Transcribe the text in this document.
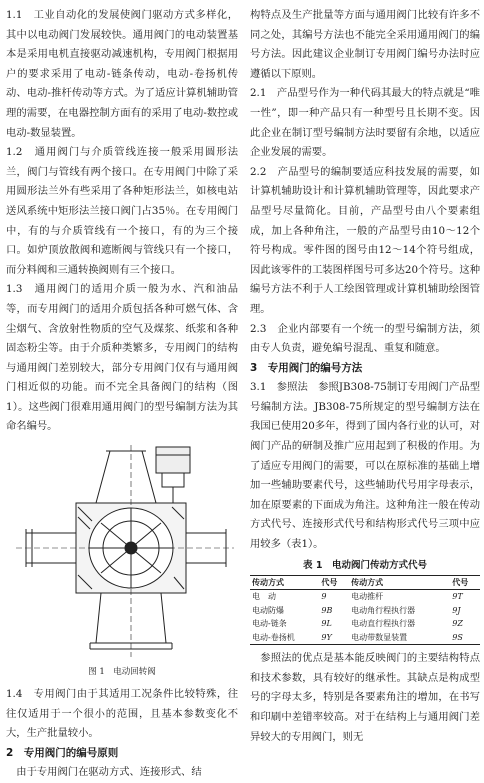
1.1　工业自动化的发展使阀门驱动方式多样化，其中以电动阀门发展较快。通用阀门的电动装置基本是采用电机直接驱动减速机构，专用阀门根据用户的要求采用了电动-链条传动，电动-卷扬机传动、电动-推杆传动等方式。为了适应计算机辅助管理的需要，在电器控制方面有的采用了电动-数控或电动-数显装置。

1.2　通用阀门与介质管线连接一般采用圆形法兰，阀门与管线有两个接口。在专用阀门中除了采用圆形法兰外有些采用了各种矩形法兰，如核电站送风系统中矩形法兰接口阀门占35％。在专用阀门中，有的与介质管线有一个接口，有的为三个接口。如炉顶放散阀和遮断阀与管线只有一个接口，而分料阀和三通转换阀则有三个接口。

1.3　通用阀门的适用介质一般为水、汽和油品等，而专用阀门的适用介质包括各种可燃气体、含尘烟气、含放射性物质的空气及煤浆、纸浆和各种固态粉尘等。由于介质种类繁多，专用阀门的结构与通用阀门差别较大，部分专用阀门仅有与通用阀门相近似的功能。而不完全具备阀门的结构（图1）。这些阀门很难用通用阀门的型号编制方法为其命名编号。

图 1　电动回转阀

1.4　专用阀门由于其适用工况条件比较特殊，往往仅适用于一个很小的范围，且基本参数变化不大，生产批量较小。

2　专用阀门的编号原则

由于专用阀门在驱动方式、连接形式、结

构特点及生产批量等方面与通用阀门比较有许多不同之处，其编号方法也不能完全采用通用阀门的编号方法。因此建议企业制订专用阀门编号办法时应遵循以下原则。

2.1　产品型号作为一种代码其最大的特点就是“唯一性”，即一种产品只有一种型号且长期不变。因此企业在制订型号编制方法时要留有余地，以适应企业发展的需要。

2.2　产品型号的编制要适应科技发展的需要，如计算机辅助设计和计算机辅助管理等，因此要求产品型号尽量简化。目前，产品型号由八个要素组成，加上各种角注，一般的产品型号由10～12个符号构成。零件图的图号由12～14个符号组成，因此该零件的工装图样图号可多达20个符号。这种编号方法不利于人工绘图管理或计算机辅助绘图管理。

2.3　企业内部要有一个统一的型号编制方法，须由专人负责，避免编号混乱、重复和随意。

3　专用阀门的编号方法

3.1　参照法　参照JB308-75制订专用阀门产品型号编制方法。JB308-75所规定的型号编制方法在我国已使用20多年，得到了国内各行业的认可，对阀门产品的研制及推广应用起到了积极的作用。为了适应专用阀门的需要，可以在原标准的基础上增加一些辅助要素代号，这些辅助代号用字母表示，加在原要素的下面成为角注。这种角注一般在传动方式代号、连接形式代号和结构形式代号三项中应用较多（表1）。

表 1　电动阀门传动方式代号

传动方式	代号	传动方式	代号
电　动	9	电动推杆	9T
电动防爆	9B	电动角行程执行器	9J
电动-链条	9L	电动直行程执行器	9Z
电动-卷扬机	9Y	电动带数显装置	9S

参照法的优点是基本能反映阀门的主要结构特点和技术参数，具有较好的继承性。其缺点是构成型号的字母太多，特别是各要素角注的增加，在书写和印刷中差错率较高。对于在结构上与通用阀门差异较大的专用阀门，则无
